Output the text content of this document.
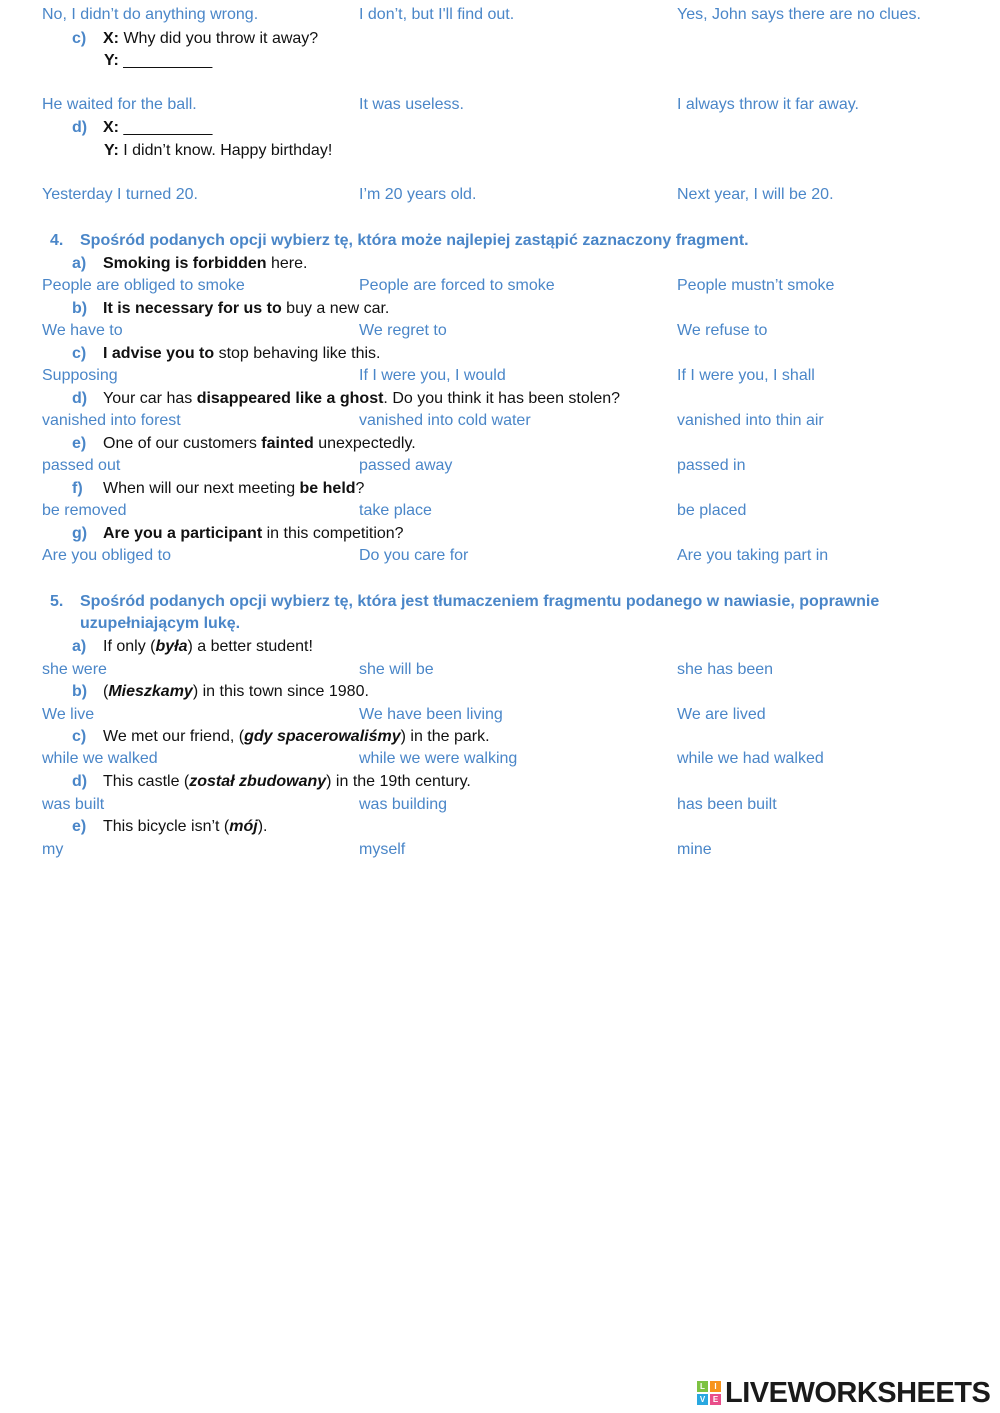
No, I didn’t do anything wrong.	I don’t, but I'll find out.	Yes, John says there are no clues.
c) X: Why did you throw it away?
Y: __________
He waited for the ball.	It was useless.	I always throw it far away.
d) X: __________
Y: I didn’t know. Happy birthday!
Yesterday I turned 20.	I’m 20 years old.	Next year, I will be 20.
4. Spośród podanych opcji wybierz tę, która może najlepiej zastąpić zaznaczony fragment.
a) Smoking is forbidden here.
People are obliged to smoke	People are forced to smoke	People mustn’t smoke
b) It is necessary for us to buy a new car.
We have to	We regret to	We refuse to
c) I advise you to stop behaving like this.
Supposing	If I were you, I would	If I were you, I shall
d) Your car has disappeared like a ghost. Do you think it has been stolen?
vanished into forest	vanished into cold water	vanished into thin air
e) One of our customers fainted unexpectedly.
passed out	passed away	passed in
f) When will our next meeting be held?
be removed	take place	be placed
g) Are you a participant in this competition?
Are you obliged to	Do you care for	Are you taking part in
5. Spośród podanych opcji wybierz tę, która jest tłumaczeniem fragmentu podanego w nawiasie, poprawnie
uzupełniającym lukę.
a) If only (była) a better student!
she were	she will be	she has been
b) (Mieszkamy) in this town since 1980.
We live	We have been living	We are lived
c) We met our friend, (gdy spacerowaliśmy) in the park.
while we walked	while we were walking	while we had walked
d) This castle (został zbudowany) in the 19th century.
was built	was building	has been built
e) This bicycle isn’t (mój).
my	myself	mine
L	I
V E LIVEWORKSHEETS
